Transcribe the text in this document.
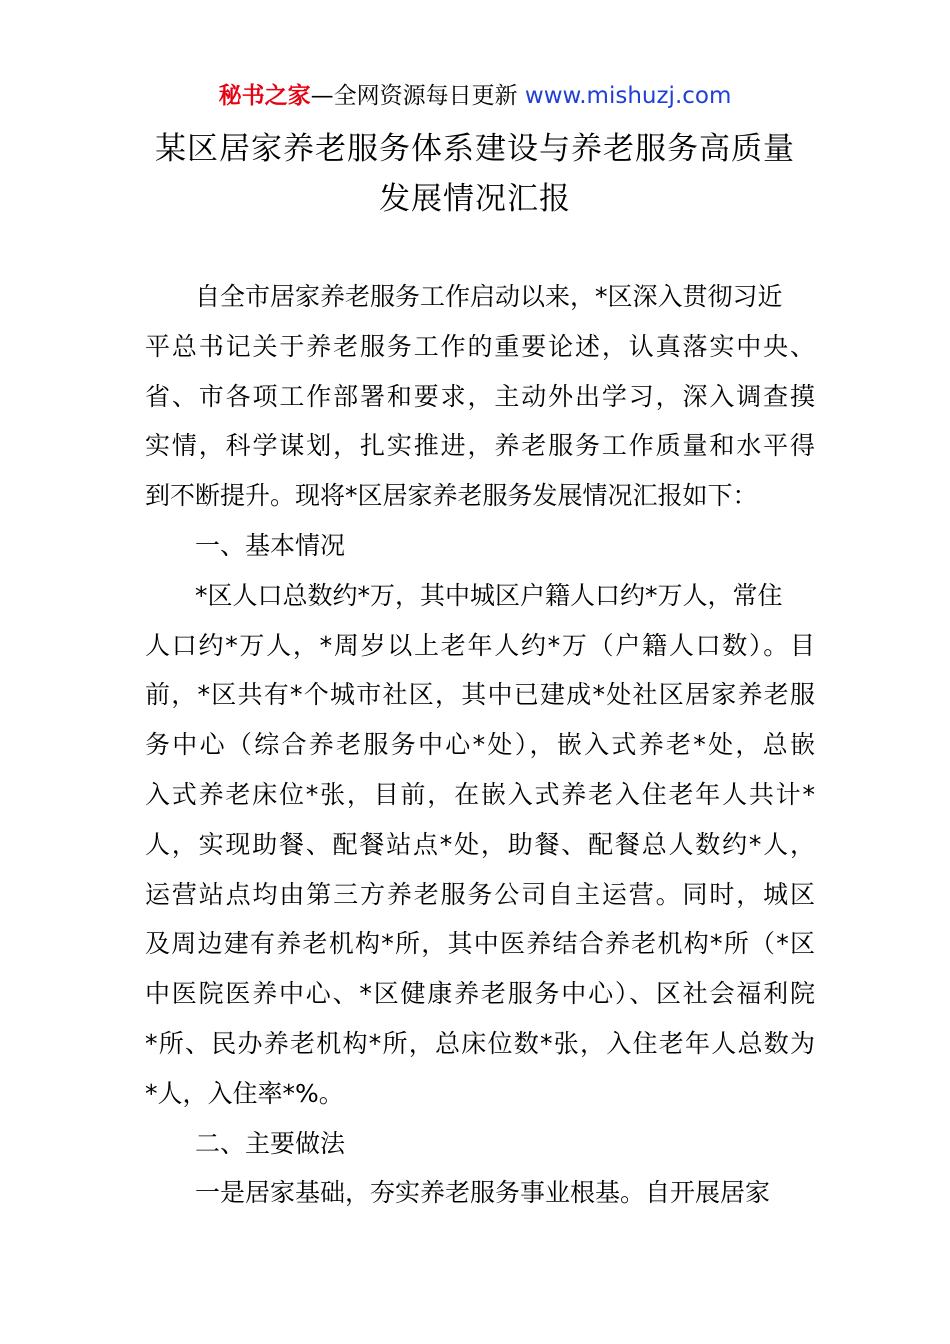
秘书之家—全网资源每日更新 www.mishuzj.com
某区居家养老服务体系建设与养老服务高质量
发展情况汇报
自全市居家养老服务工作启动以来，*区深入贯彻习近
平总书记关于养老服务工作的重要论述，认真落实中央、
省、市各项工作部署和要求，主动外出学习，深入调查摸
实情，科学谋划，扎实推进，养老服务工作质量和水平得
到不断提升。现将*区居家养老服务发展情况汇报如下：
一、基本情况
*区人口总数约*万，其中城区户籍人口约*万人，常住
人口约*万人，*周岁以上老年人约*万（户籍人口数）。目
前，*区共有*个城市社区，其中已建成*处社区居家养老服
务中心（综合养老服务中心*处），嵌入式养老*处，总嵌
入式养老床位*张，目前，在嵌入式养老入住老年人共计*
人，实现助餐、配餐站点*处，助餐、配餐总人数约*人，
运营站点均由第三方养老服务公司自主运营。同时，城区
及周边建有养老机构*所，其中医养结合养老机构*所（*区
中医院医养中心、*区健康养老服务中心）、区社会福利院
*所、民办养老机构*所，总床位数*张，入住老年人总数为
*人，入住率*%。
二、主要做法
一是居家基础，夯实养老服务事业根基。自开展居家
